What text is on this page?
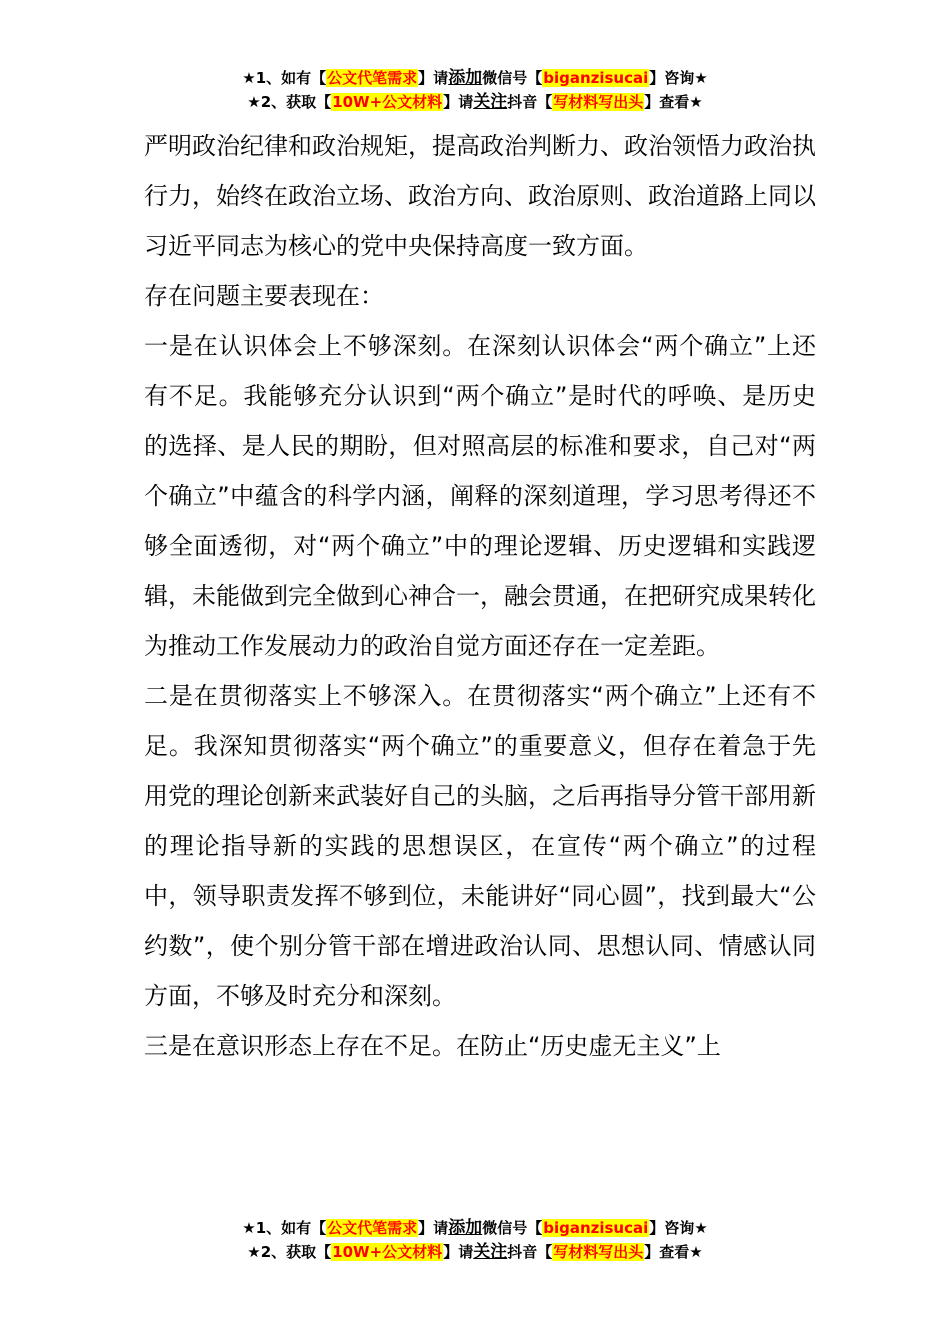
★1、如有【公文代笔需求】请添加微信号【biganzisucai】咨询★
★2、获取【10W+公文材料】请关注抖音【写材料写出头】查看★

严明政治纪律和政治规矩，提高政治判断力、政治领悟力政治执行力，始终在政治立场、政治方向、政治原则、政治道路上同以习近平同志为核心的党中央保持高度一致方面。

存在问题主要表现在：

一是在认识体会上不够深刻。在深刻认识体会“两个确立”上还有不足。我能够充分认识到“两个确立”是时代的呼唤、是历史的选择、是人民的期盼，但对照高层的标准和要求，自己对“两个确立”中蕴含的科学内涵，阐释的深刻道理，学习思考得还不够全面透彻，对“两个确立”中的理论逻辑、历史逻辑和实践逻辑，未能做到完全做到心神合一，融会贯通，在把研究成果转化为推动工作发展动力的政治自觉方面还存在一定差距。

二是在贯彻落实上不够深入。在贯彻落实“两个确立”上还有不足。我深知贯彻落实“两个确立”的重要意义，但存在着急于先用党的理论创新来武装好自己的头脑，之后再指导分管干部用新的理论指导新的实践的思想误区，在宣传“两个确立”的过程中，领导职责发挥不够到位，未能讲好“同心圆”，找到最大“公约数”，使个别分管干部在增进政治认同、思想认同、情感认同方面，不够及时充分和深刻。

三是在意识形态上存在不足。在防止“历史虚无主义”上

★1、如有【公文代笔需求】请添加微信号【biganzisucai】咨询★
★2、获取【10W+公文材料】请关注抖音【写材料写出头】查看★
